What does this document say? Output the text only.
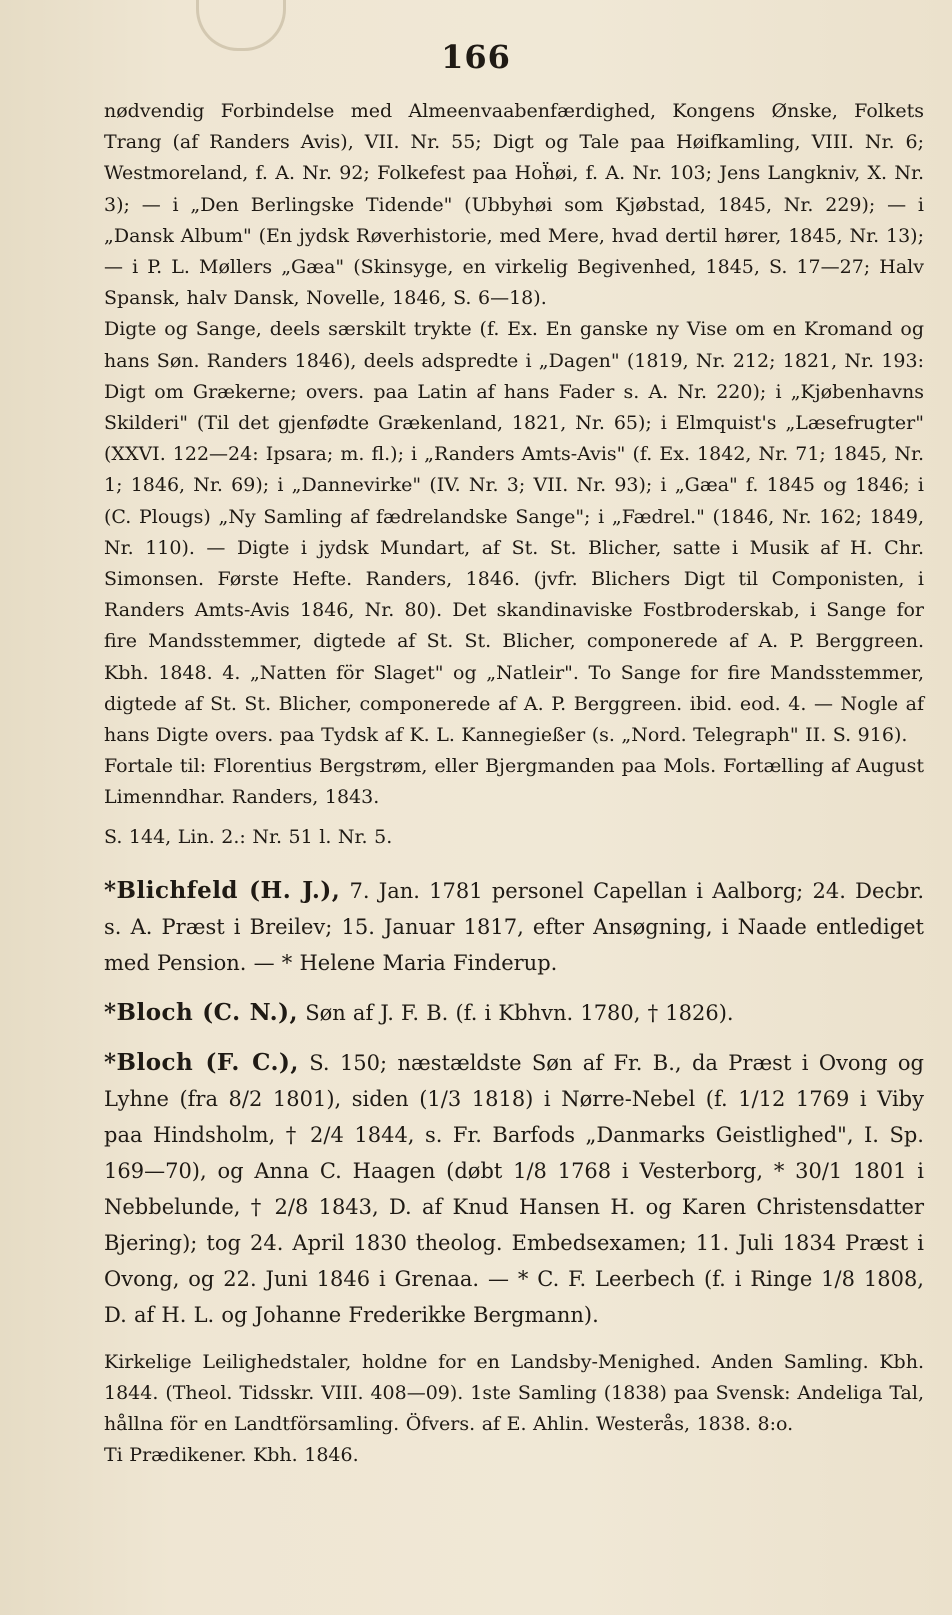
166

nødvendig Forbindelse med Almeenvaabenfærdighed, Kongens Ønske, Folkets Trang (af Randers Avis), VII. Nr. 55; Digt og Tale paa Høifkamling, VIII. Nr. 6; Westmoreland, f. A. Nr. 92; Folkefest paa Hoḧøi, f. A. Nr. 103; Jens Langkniv, X. Nr. 3); — i „Den Berlingske Tidende" (Ubbyhøi som Kjøbstad, 1845, Nr. 229); — i „Dansk Album" (En jydsk Røverhistorie, med Mere, hvad dertil hører, 1845, Nr. 13); — i P. L. Møllers „Gæa" (Skinsyge, en virkelig Begivenhed, 1845, S. 17—27; Halv Spansk, halv Dansk, Novelle, 1846, S. 6—18).

Digte og Sange, deels særskilt trykte (f. Ex. En ganske ny Vise om en Kromand og hans Søn. Randers 1846), deels adspredte i „Dagen" (1819, Nr. 212; 1821, Nr. 193: Digt om Grækerne; overs. paa Latin af hans Fader s. A. Nr. 220); i „Kjøbenhavns Skilderi" (Til det gjenfødte Grækenland, 1821, Nr. 65); i Elmquist's „Læsefrugter" (XXVI. 122—24: Ipsara; m. fl.); i „Randers Amts-Avis" (f. Ex. 1842, Nr. 71; 1845, Nr. 1; 1846, Nr. 69); i „Dannevirke" (IV. Nr. 3; VII. Nr. 93); i „Gæa" f. 1845 og 1846; i (C. Plougs) „Ny Samling af fædrelandske Sange"; i „Fædrel." (1846, Nr. 162; 1849, Nr. 110). — Digte i jydsk Mundart, af St. St. Blicher, satte i Musik af H. Chr. Simonsen. Første Hefte. Randers, 1846. (jvfr. Blichers Digt til Componisten, i Randers Amts-Avis 1846, Nr. 80). Det skandinaviske Fostbroderskab, i Sange for fire Mandsstemmer, digtede af St. St. Blicher, componerede af A. P. Berggreen. Kbh. 1848. 4. „Natten för Slaget" og „Natleir". To Sange for fire Mandsstemmer, digtede af St. St. Blicher, componerede af A. P. Berggreen. ibid. eod. 4. — Nogle af hans Digte overs. paa Tydsk af K. L. Kannegießer (s. „Nord. Telegraph" II. S. 916).

Fortale til: Florentius Bergstrøm, eller Bjergmanden paa Mols. Fortælling af August Limenndhar. Randers, 1843.

S. 144, Lin. 2.: Nr. 51 l. Nr. 5.

*Blichfeld (H. J.), 7. Jan. 1781 personel Capellan i Aalborg; 24. Decbr. s. A. Præst i Breilev; 15. Januar 1817, efter Ansøgning, i Naade entlediget med Pension. — * Helene Maria Finderup.

*Bloch (C. N.), Søn af J. F. B. (f. i Kbhvn. 1780, † 1826).

*Bloch (F. C.), S. 150; næstældste Søn af Fr. B., da Præst i Ovong og Lyhne (fra 8/2 1801), siden (1/3 1818) i Nørre-Nebel (f. 1/12 1769 i Viby paa Hindsholm, † 2/4 1844, s. Fr. Barfods „Danmarks Geistlighed", I. Sp. 169—70), og Anna C. Haagen (døbt 1/8 1768 i Vesterborg, * 30/1 1801 i Nebbelunde, † 2/8 1843, D. af Knud Hansen H. og Karen Christensdatter Bjering); tog 24. April 1830 theolog. Embedsexamen; 11. Juli 1834 Præst i Ovong, og 22. Juni 1846 i Grenaa. — * C. F. Leerbech (f. i Ringe 1/8 1808, D. af H. L. og Johanne Frederikke Bergmann).

Kirkelige Leilighedstaler, holdne for en Landsby-Menighed. Anden Samling. Kbh. 1844. (Theol. Tidsskr. VIII. 408—09). 1ste Samling (1838) paa Svensk: Andeliga Tal, hållna för en Landtförsamling. Öfvers. af E. Ahlin. Westerås, 1838. 8:o.

Ti Prædikener. Kbh. 1846.
